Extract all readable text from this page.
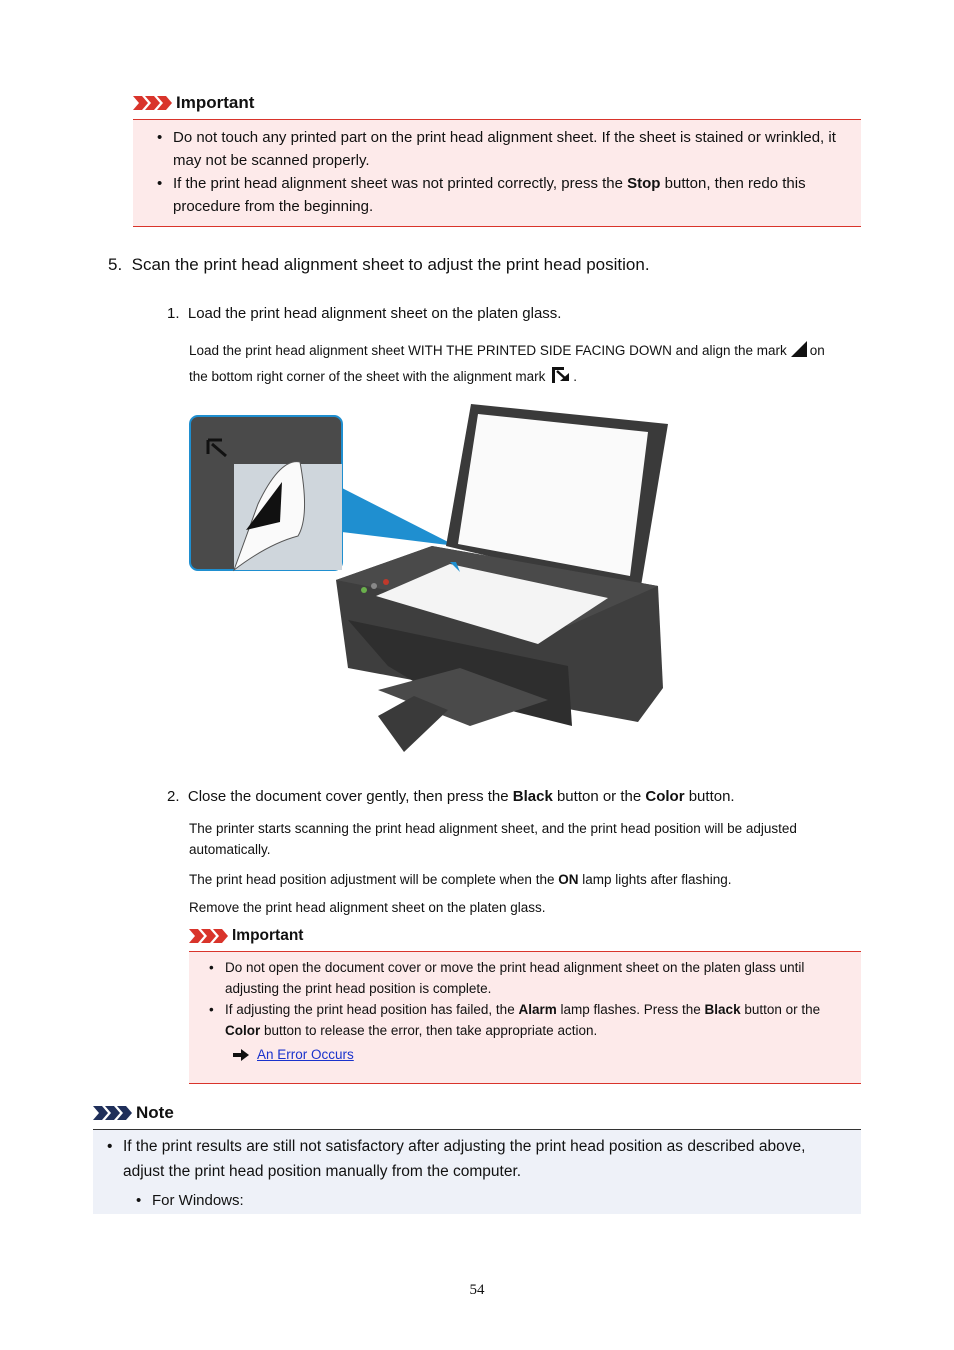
Important
• Do not touch any printed part on the print head alignment sheet. If the sheet is stained or wrinkled, it may not be scanned properly.
• If the print head alignment sheet was not printed correctly, press the Stop button, then redo this procedure from the beginning.
5. Scan the print head alignment sheet to adjust the print head position.
1. Load the print head alignment sheet on the platen glass.
Load the print head alignment sheet WITH THE PRINTED SIDE FACING DOWN and align the mark on
the bottom right corner of the sheet with the alignment mark .
2. Close the document cover gently, then press the Black button or the Color button.
The printer starts scanning the print head alignment sheet, and the print head position will be adjusted automatically.
The print head position adjustment will be complete when the ON lamp lights after flashing.
Remove the print head alignment sheet on the platen glass.
Important
• Do not open the document cover or move the print head alignment sheet on the platen glass until adjusting the print head position is complete.
• If adjusting the print head position has failed, the Alarm lamp flashes. Press the Black button or the Color button to release the error, then take appropriate action.
An Error Occurs
Note
• If the print results are still not satisfactory after adjusting the print head position as described above, adjust the print head position manually from the computer.
• For Windows:
54
